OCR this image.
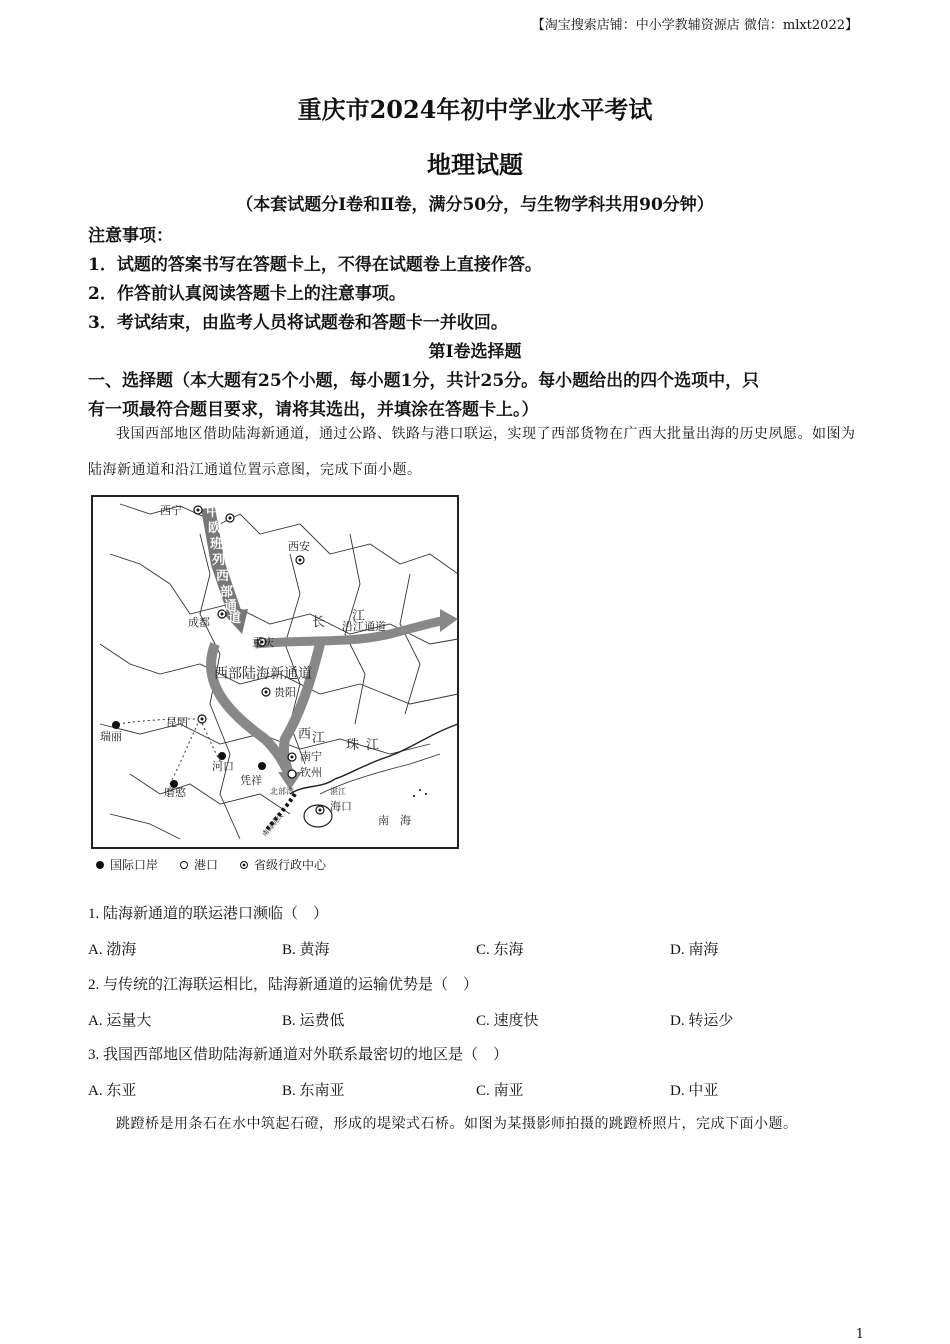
【淘宝搜索店铺：中小学教辅资源店 微信：mlxt2022】
重庆市2024年初中学业水平考试
地理试题
（本套试题分Ⅰ卷和Ⅱ卷，满分50分，与生物学科共用90分钟）
注意事项：
1．试题的答案书写在答题卡上，不得在试题卷上直接作答。
2．作答前认真阅读答题卡上的注意事项。
3．考试结束，由监考人员将试题卷和答题卡一并收回。
第Ⅰ卷选择题
一、选择题（本大题有25个小题，每小题1分，共计25分。每小题给出的四个选项中，只
有一项最符合题目要求，请将其选出，并填涂在答题卡上。）
我国西部地区借助陆海新通道，通过公路、铁路与港口联运，实现了西部货物在广西大批量出海的历史夙愿。如图为陆海新通道和沿江通道位置示意图，完成下面小题。
西宁
西安
成都
重庆
贵阳
昆明
瑞丽
河口
磨憨
凭祥
南宁
钦州
北部湾	湛江
海口
南　海
沿江通道
西部陆海新通道
江
长
西 江 珠 江
南海航线
中
欧
班
列
西
部
通
道
国际口岸	港口	省级行政中心
1. 陆海新通道的联运港口濒临（　）
A. 渤海	B. 黄海	C. 东海	D. 南海
2. 与传统的江海联运相比，陆海新通道的运输优势是（　）
A. 运量大	B. 运费低	C. 速度快	D. 转运少
3. 我国西部地区借助陆海新通道对外联系最密切的地区是（　）
A. 东亚	B. 东南亚	C. 南亚	D. 中亚
跳蹬桥是用条石在水中筑起石磴，形成的堤梁式石桥。如图为某摄影师拍摄的跳蹬桥照片，完成下面小题。
1
